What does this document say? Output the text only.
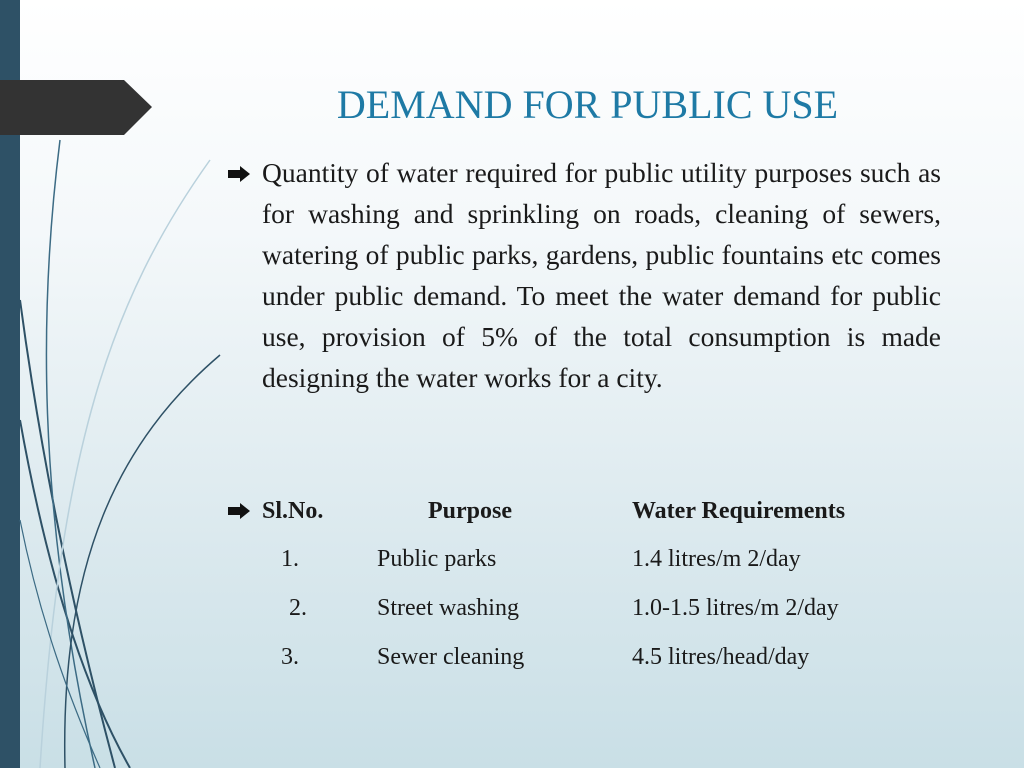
DEMAND FOR PUBLIC USE
Quantity of water required for public utility purposes such as for washing and sprinkling on roads, cleaning of sewers, watering of public parks, gardens, public fountains etc comes under public demand. To meet the water demand for public use, provision of 5% of the total consumption is made designing the water works for a city.
Sl.No.	Purpose	Water Requirements
1.	Public parks	1.4 litres/m 2/day
2.	Street washing	1.0-1.5 litres/m 2/day
3.	Sewer cleaning	4.5 litres/head/day
